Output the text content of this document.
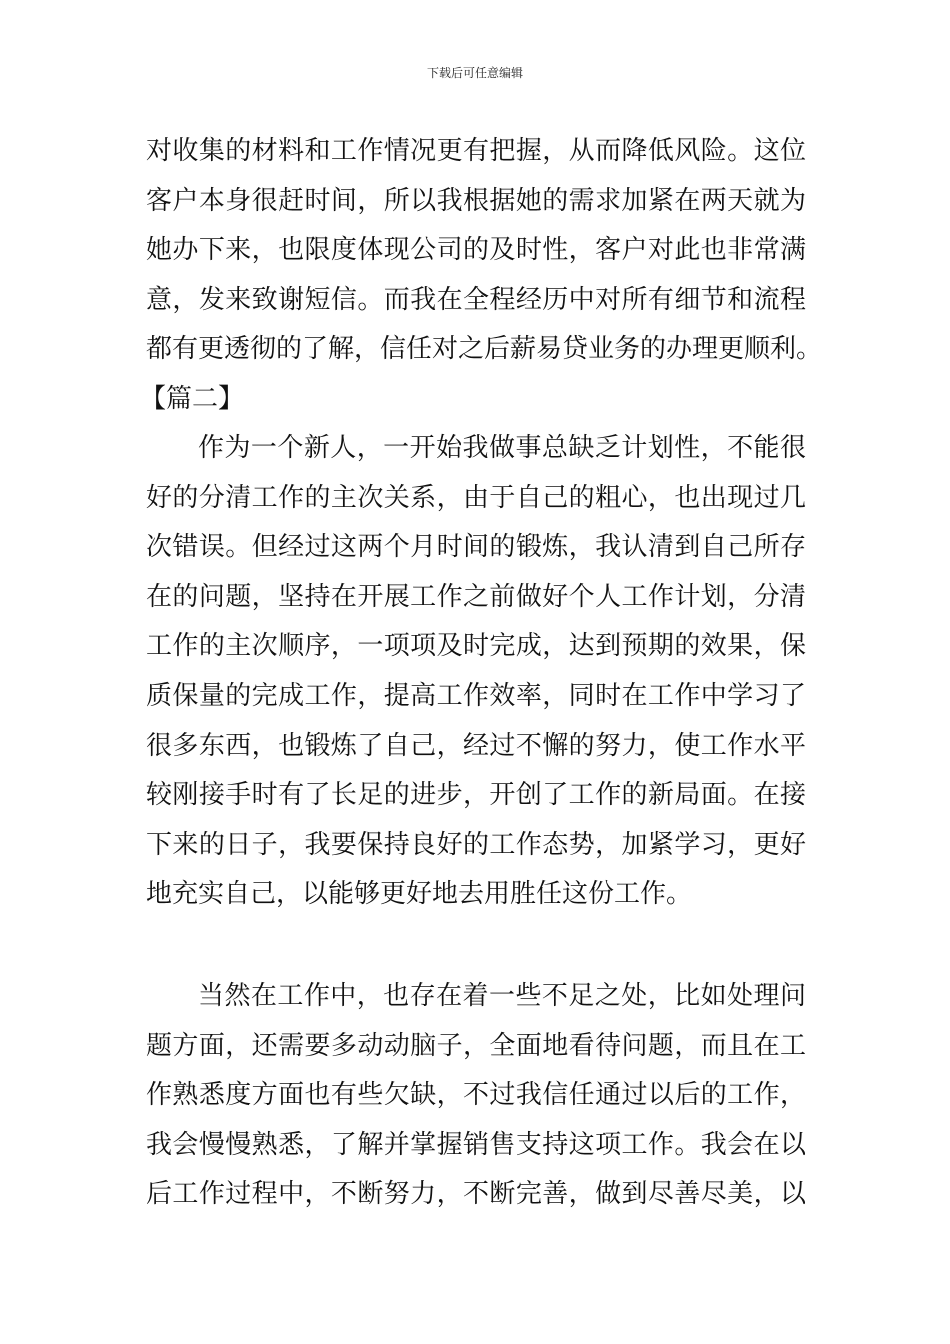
下载后可任意编辑
对收集的材料和工作情况更有把握，从而降低风险。这位
客户本身很赶时间，所以我根据她的需求加紧在两天就为
她办下来，也限度体现公司的及时性，客户对此也非常满
意，发来致谢短信。而我在全程经历中对所有细节和流程
都有更透彻的了解，信任对之后薪易贷业务的办理更顺利。
【篇二】
作为一个新人，一开始我做事总缺乏计划性，不能很
好的分清工作的主次关系，由于自己的粗心，也出现过几
次错误。但经过这两个月时间的锻炼，我认清到自己所存
在的问题，坚持在开展工作之前做好个人工作计划，分清
工作的主次顺序，一项项及时完成，达到预期的效果，保
质保量的完成工作，提高工作效率，同时在工作中学习了
很多东西，也锻炼了自己，经过不懈的努力，使工作水平
较刚接手时有了长足的进步，开创了工作的新局面。在接
下来的日子，我要保持良好的工作态势，加紧学习，更好
地充实自己，以能够更好地去用胜任这份工作。
当然在工作中，也存在着一些不足之处，比如处理问
题方面，还需要多动动脑子，全面地看待问题，而且在工
作熟悉度方面也有些欠缺，不过我信任通过以后的工作，
我会慢慢熟悉，了解并掌握销售支持这项工作。我会在以
后工作过程中，不断努力，不断完善，做到尽善尽美，以
